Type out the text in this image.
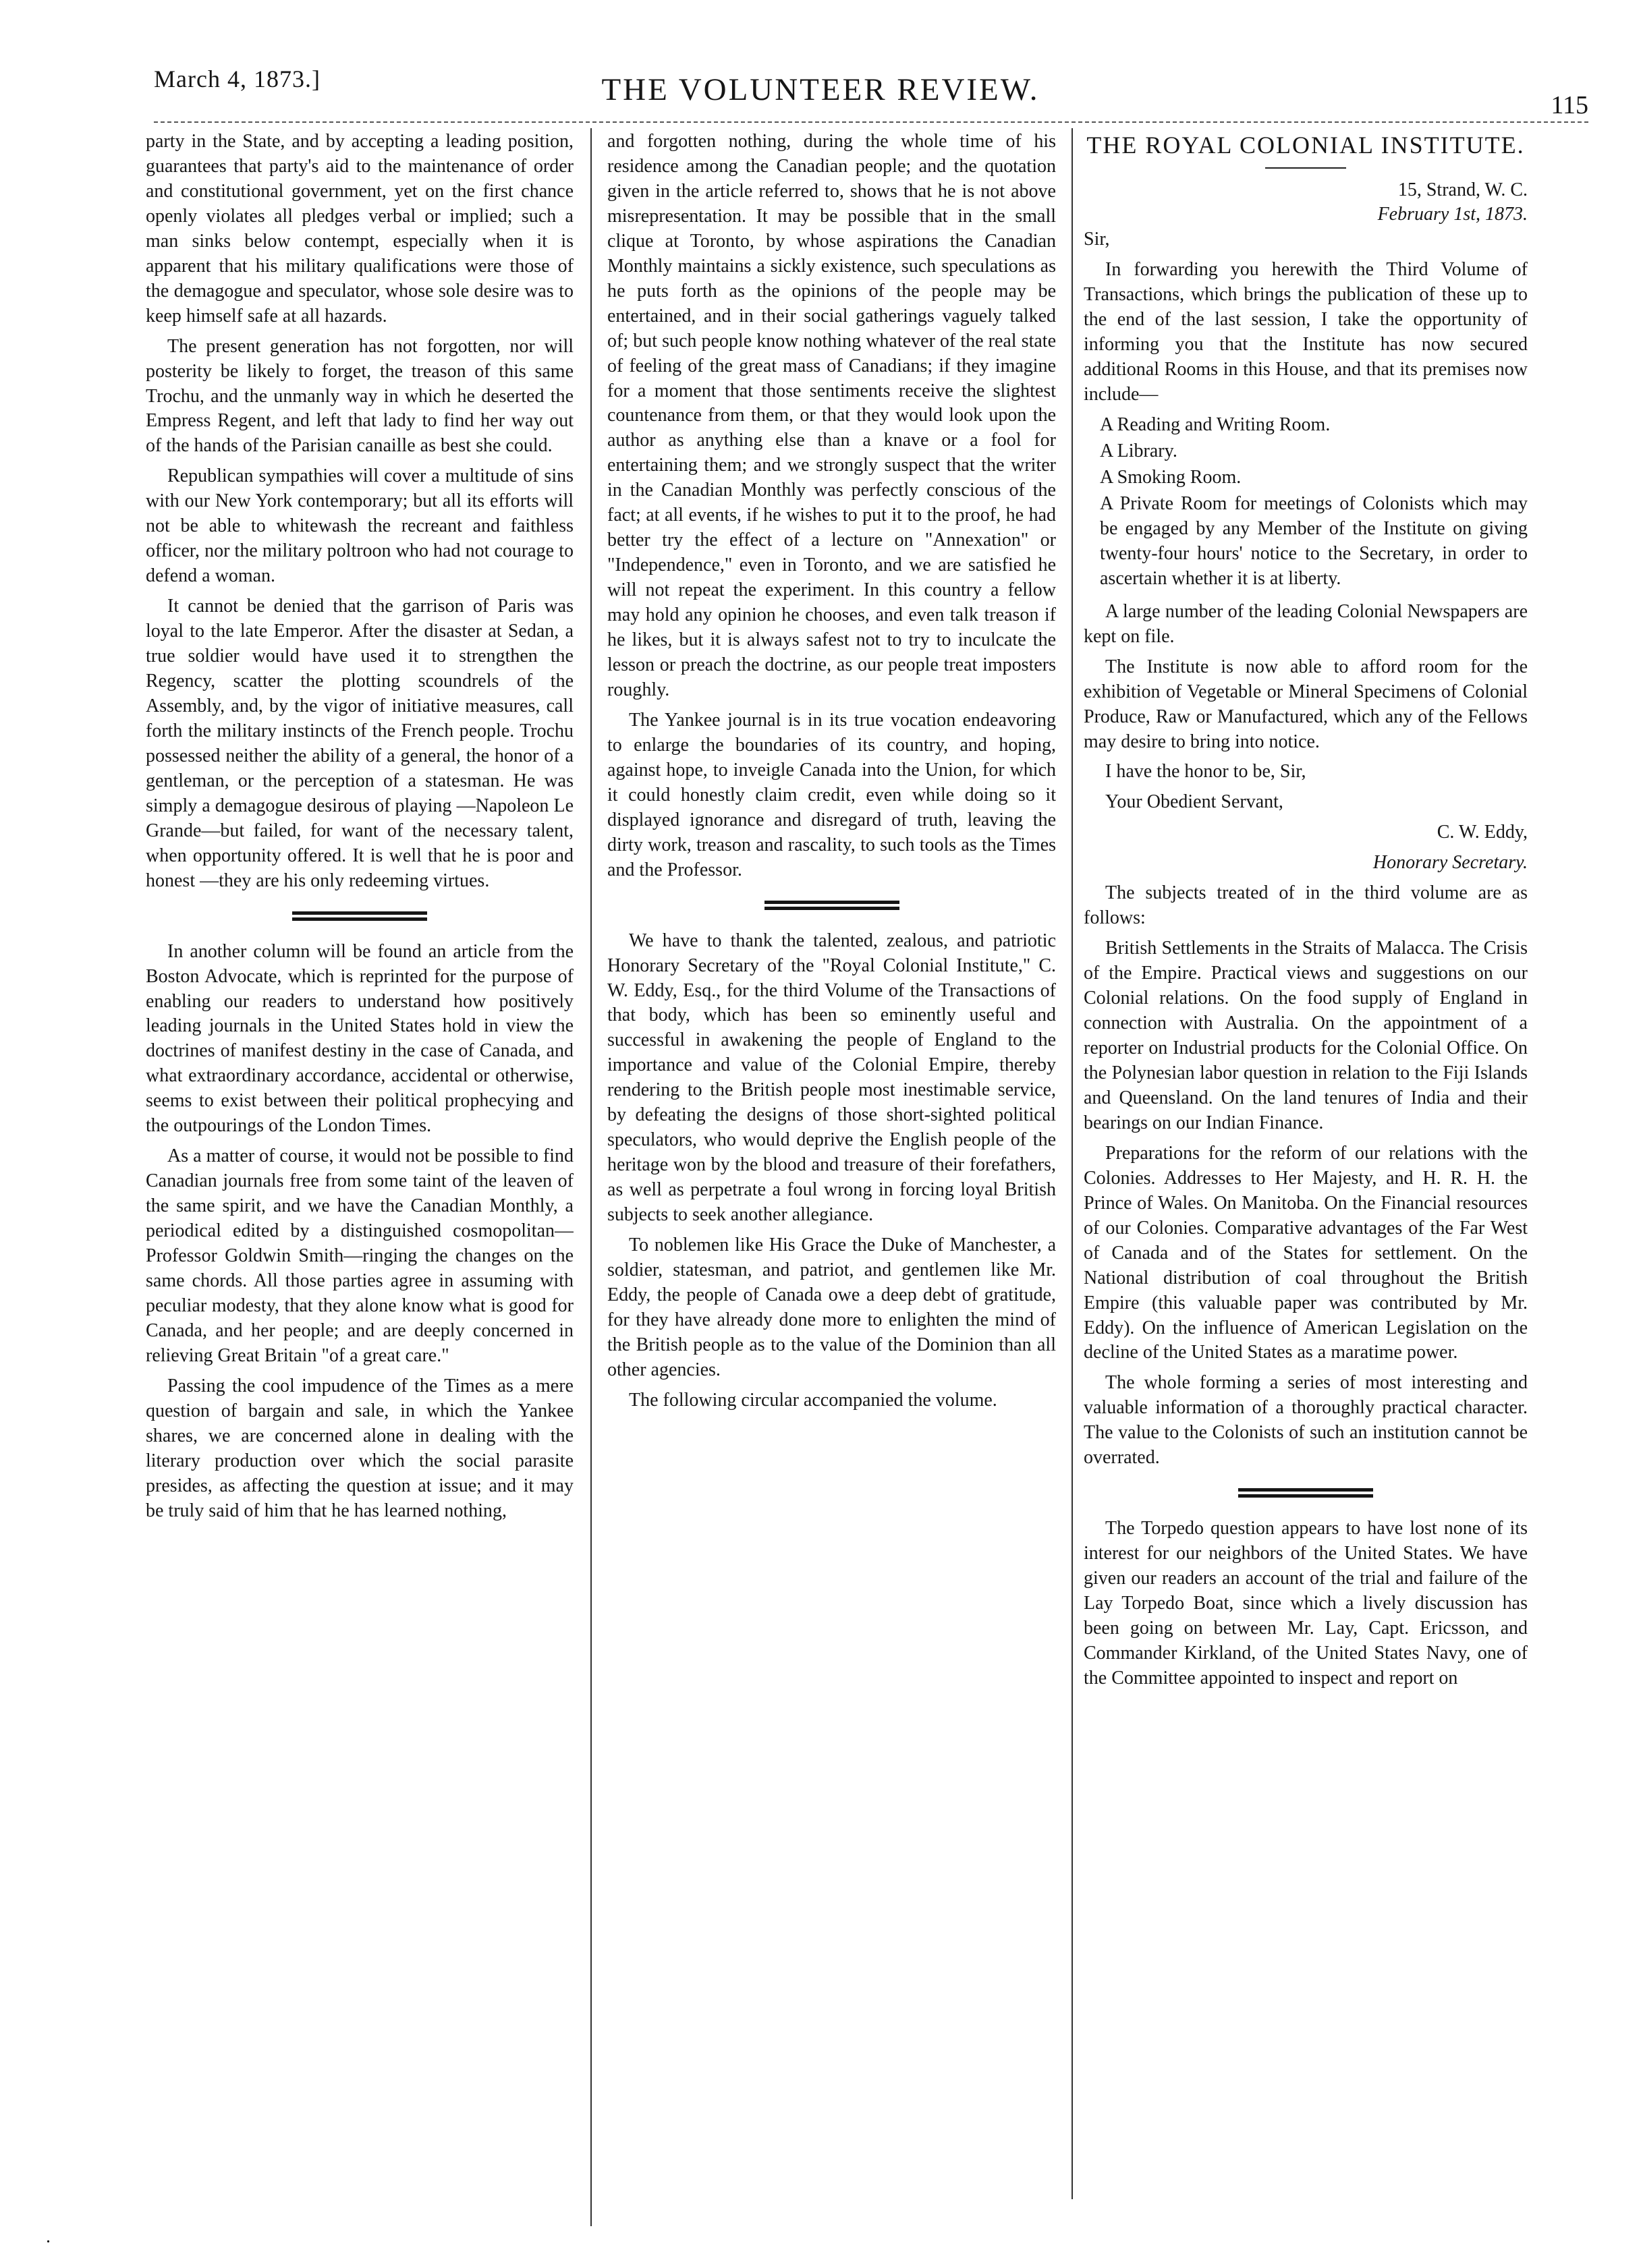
March 4, 1873.]	THE VOLUNTEER REVIEW.	115

party in the State, and by accepting a leading position, guarantees that party's aid to the maintenance of order and constitutional government, yet on the first chance openly violates all pledges verbal or implied; such a man sinks below contempt, especially when it is apparent that his military qualifications were those of the demagogue and speculator, whose sole desire was to keep himself safe at all hazards.

The present generation has not forgotten, nor will posterity be likely to forget, the treason of this same Trochu, and the unmanly way in which he deserted the Empress Regent, and left that lady to find her way out of the hands of the Parisian canaille as best she could.

Republican sympathies will cover a multitude of sins with our New York contemporary; but all its efforts will not be able to whitewash the recreant and faithless officer, nor the military poltroon who had not courage to defend a woman.

It cannot be denied that the garrison of Paris was loyal to the late Emperor. After the disaster at Sedan, a true soldier would have used it to strengthen the Regency, scatter the plotting scoundrels of the Assembly, and, by the vigor of initiative measures, call forth the military instincts of the French people. Trochu possessed neither the ability of a general, the honor of a gentleman, or the perception of a statesman. He was simply a demagogue desirous of playing —Napoleon Le Grande—but failed, for want of the necessary talent, when opportunity offered. It is well that he is poor and honest —they are his only redeeming virtues.

In another column will be found an article from the Boston Advocate, which is reprinted for the purpose of enabling our readers to understand how positively leading journals in the United States hold in view the doctrines of manifest destiny in the case of Canada, and what extraordinary accordance, accidental or otherwise, seems to exist between their political prophecying and the outpourings of the London Times.

As a matter of course, it would not be possible to find Canadian journals free from some taint of the leaven of the same spirit, and we have the Canadian Monthly, a periodical edited by a distinguished cosmopolitan—Professor Goldwin Smith—ringing the changes on the same chords. All those parties agree in assuming with peculiar modesty, that they alone know what is good for Canada, and her people; and are deeply concerned in relieving Great Britain "of a great care."

Passing the cool impudence of the Times as a mere question of bargain and sale, in which the Yankee shares, we are concerned alone in dealing with the literary production over which the social parasite presides, as affecting the question at issue; and it may be truly said of him that he has learned nothing,

and forgotten nothing, during the whole time of his residence among the Canadian people; and the quotation given in the article referred to, shows that he is not above misrepresentation. It may be possible that in the small clique at Toronto, by whose aspirations the Canadian Monthly maintains a sickly existence, such speculations as he puts forth as the opinions of the people may be entertained, and in their social gatherings vaguely talked of; but such people know nothing whatever of the real state of feeling of the great mass of Canadians; if they imagine for a moment that those sentiments receive the slightest countenance from them, or that they would look upon the author as anything else than a knave or a fool for entertaining them; and we strongly suspect that the writer in the Canadian Monthly was perfectly conscious of the fact; at all events, if he wishes to put it to the proof, he had better try the effect of a lecture on "Annexation" or "Independence," even in Toronto, and we are satisfied he will not repeat the experiment. In this country a fellow may hold any opinion he chooses, and even talk treason if he likes, but it is always safest not to try to inculcate the lesson or preach the doctrine, as our people treat imposters roughly.

The Yankee journal is in its true vocation endeavoring to enlarge the boundaries of its country, and hoping, against hope, to inveigle Canada into the Union, for which it could honestly claim credit, even while doing so it displayed ignorance and disregard of truth, leaving the dirty work, treason and rascality, to such tools as the Times and the Professor.

We have to thank the talented, zealous, and patriotic Honorary Secretary of the "Royal Colonial Institute," C. W. Eddy, Esq., for the third Volume of the Transactions of that body, which has been so eminently useful and successful in awakening the people of England to the importance and value of the Colonial Empire, thereby rendering to the British people most inestimable service, by defeating the designs of those short-sighted political speculators, who would deprive the English people of the heritage won by the blood and treasure of their forefathers, as well as perpetrate a foul wrong in forcing loyal British subjects to seek another allegiance.

To noblemen like His Grace the Duke of Manchester, a soldier, statesman, and patriot, and gentlemen like Mr. Eddy, the people of Canada owe a deep debt of gratitude, for they have already done more to enlighten the mind of the British people as to the value of the Dominion than all other agencies.

The following circular accompanied the volume.

THE ROYAL COLONIAL INSTITUTE.
15, Strand, W. C.
February 1st, 1873.

Sir,

In forwarding you herewith the Third Volume of Transactions, which brings the publication of these up to the end of the last session, I take the opportunity of informing you that the Institute has now secured additional Rooms in this House, and that its premises now include—

A Reading and Writing Room.
A Library.
A Smoking Room.
A Private Room for meetings of Colonists which may be engaged by any Member of the Institute on giving twenty-four hours' notice to the Secretary, in order to ascertain whether it is at liberty.

A large number of the leading Colonial Newspapers are kept on file.

The Institute is now able to afford room for the exhibition of Vegetable or Mineral Specimens of Colonial Produce, Raw or Manufactured, which any of the Fellows may desire to bring into notice.

I have the honor to be, Sir,

Your Obedient Servant,

C. W. Eddy,

Honorary Secretary.

The subjects treated of in the third volume are as follows:

British Settlements in the Straits of Malacca. The Crisis of the Empire. Practical views and suggestions on our Colonial relations. On the food supply of England in connection with Australia. On the appointment of a reporter on Industrial products for the Colonial Office. On the Polynesian labor question in relation to the Fiji Islands and Queensland. On the land tenures of India and their bearings on our Indian Finance.

Preparations for the reform of our relations with the Colonies. Addresses to Her Majesty, and H. R. H. the Prince of Wales. On Manitoba. On the Financial resources of our Colonies. Comparative advantages of the Far West of Canada and of the States for settlement. On the National distribution of coal throughout the British Empire (this valuable paper was contributed by Mr. Eddy). On the influence of American Legislation on the decline of the United States as a maratime power.

The whole forming a series of most interesting and valuable information of a thoroughly practical character. The value to the Colonists of such an institution cannot be overrated.

The Torpedo question appears to have lost none of its interest for our neighbors of the United States. We have given our readers an account of the trial and failure of the Lay Torpedo Boat, since which a lively discussion has been going on between Mr. Lay, Capt. Ericsson, and Commander Kirkland, of the United States Navy, one of the Committee appointed to inspect and report on

.
